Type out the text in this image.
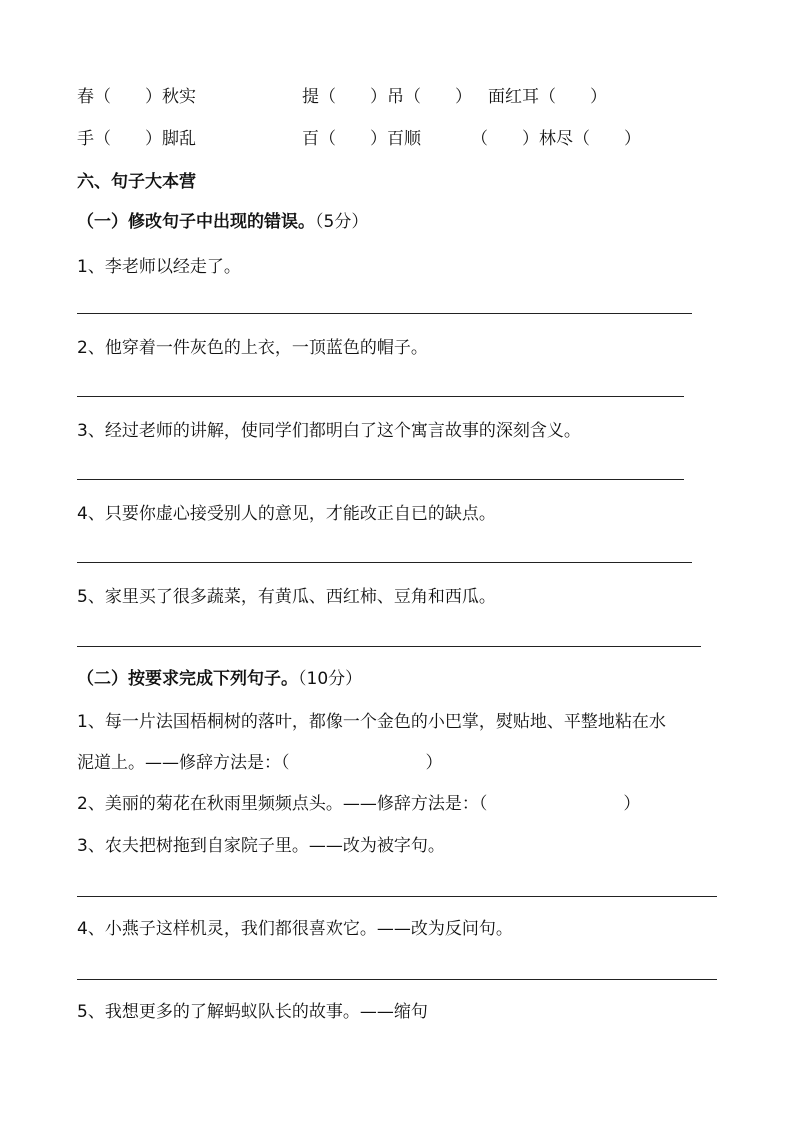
春（　　）秋实	提（　　）吊（　　） 面红耳（　　）
手（　　）脚乱	百（　　）百顺	（　　）林尽（　　）
六、句子大本营
（一）修改句子中出现的错误。（5分）
1、李老师以经走了。
2、他穿着一件灰色的上衣，一顶蓝色的帽子。
3、经过老师的讲解，使同学们都明白了这个寓言故事的深刻含义。
4、只要你虚心接受别人的意见，才能改正自已的缺点。
5、家里买了很多蔬菜，有黄瓜、西红柿、豆角和西瓜。
（二）按要求完成下列句子。（10分）
1、每一片法国梧桐树的落叶，都像一个金色的小巴掌，熨贴地、平整地粘在水
泥道上。——修辞方法是：（　　　　　　　　）
2、美丽的菊花在秋雨里频频点头。——修辞方法是：（　　　　　　　　）
3、农夫把树拖到自家院子里。——改为被字句。
4、小燕子这样机灵，我们都很喜欢它。——改为反问句。
5、我想更多的了解蚂蚁队长的故事。——缩句
